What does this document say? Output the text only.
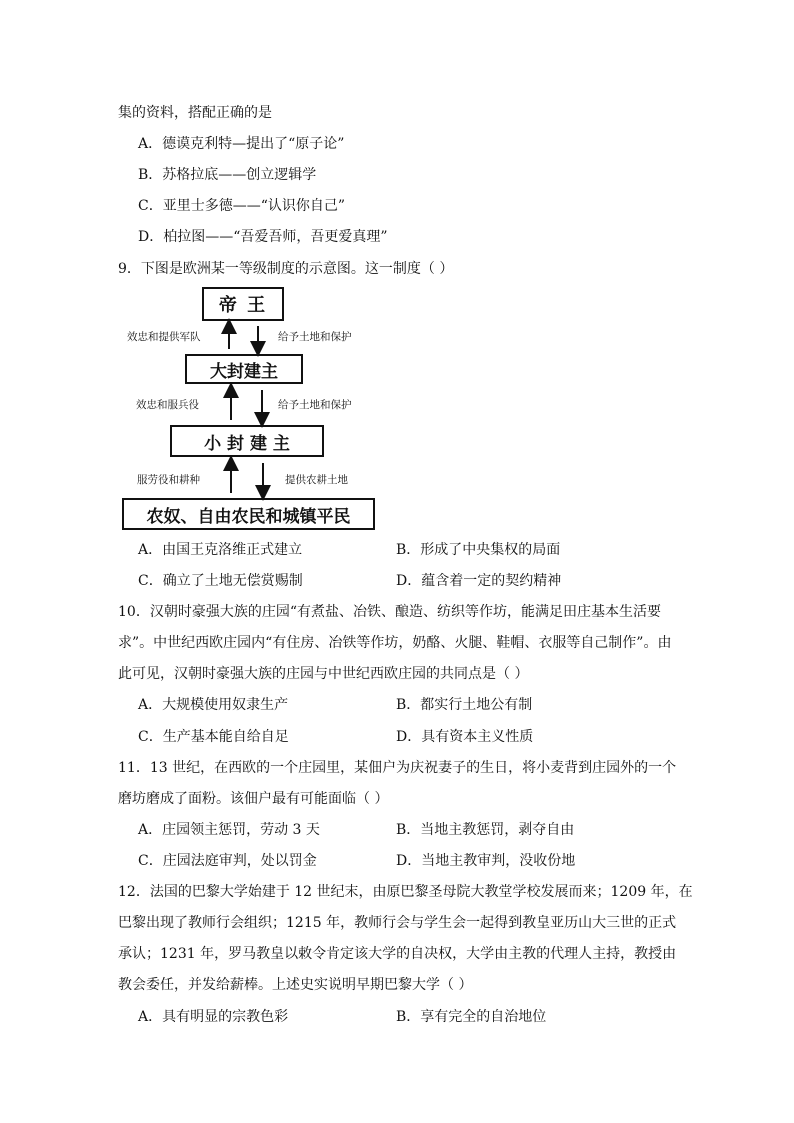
集的资料，搭配正确的是
A．德谟克利特—提出了“原子论”
B．苏格拉底——创立逻辑学
C．亚里士多德——“认识你自己”
D．柏拉图——“吾爱吾师，吾更爱真理”
9．下图是欧洲某一等级制度的示意图。这一制度（ ）
帝 王
大封建主
小 封 建 主
农奴、自由农民和城镇平民
效忠和提供军队	给予土地和保护
效忠和服兵役	给予土地和保护
服劳役和耕种	提供农耕土地
A．由国王克洛维正式建立	B．形成了中央集权的局面
C．确立了土地无偿赏赐制	D．蕴含着一定的契约精神
10．汉朝时豪强大族的庄园“有煮盐、冶铁、酿造、纺织等作坊，能满足田庄基本生活要
求”。中世纪西欧庄园内“有住房、冶铁等作坊，奶酪、火腿、鞋帽、衣服等自己制作”。由
此可见，汉朝时豪强大族的庄园与中世纪西欧庄园的共同点是（ ）
A．大规模使用奴隶生产	B．都实行土地公有制
C．生产基本能自给自足	D．具有资本主义性质
11．13 世纪，在西欧的一个庄园里，某佃户为庆祝妻子的生日，将小麦背到庄园外的一个
磨坊磨成了面粉。该佃户最有可能面临（ ）
A．庄园领主惩罚，劳动 3 天	B．当地主教惩罚，剥夺自由
C．庄园法庭审判，处以罚金	D．当地主教审判，没收份地
12．法国的巴黎大学始建于 12 世纪末，由原巴黎圣母院大教堂学校发展而来；1209 年，在
巴黎出现了教师行会组织；1215 年，教师行会与学生会一起得到教皇亚历山大三世的正式
承认；1231 年，罗马教皇以敕令肯定该大学的自决权，大学由主教的代理人主持，教授由
教会委任，并发给薪棒。上述史实说明早期巴黎大学（ ）
A．具有明显的宗教色彩	B．享有完全的自治地位
